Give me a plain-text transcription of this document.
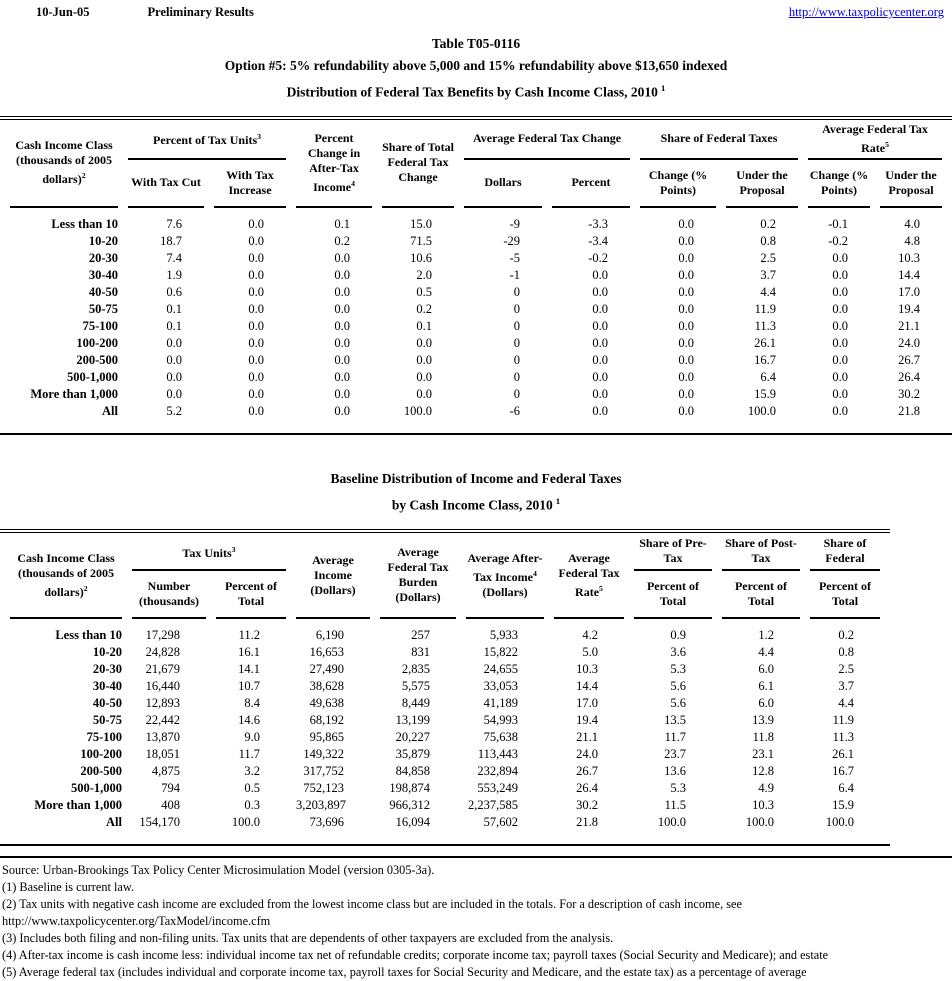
10-Jun-05	Preliminary Results	http://www.taxpolicycenter.org
Table T05-0116
Option #5: 5% refundability above 5,000 and 15% refundability above $13,650 indexed
Distribution of Federal Tax Benefits by Cash Income Class, 2010 $^1$
Cash Income Class (thousands of 2005 dollars)$^2$	Percent of Tax Units$^3$		Percent Change in After-Tax Income$^4$	Share of Total Federal Tax Change	Average Federal Tax Change		Share of Federal Taxes		Average Federal Tax Rate$^5$
	With Tax Cut	With Tax Increase			Dollars	Percent	Change (% Points)	Under the Proposal	Change (% Points)	Under the Proposal
Less than 10	7.6	0.0	0.1	15.0	-9	-3.3	0.0	0.2	-0.1	4.0
10-20	18.7	0.0	0.2	71.5	-29	-3.4	0.0	0.8	-0.2	4.8
20-30	7.4	0.0	0.0	10.6	-5	-0.2	0.0	2.5	0.0	10.3
30-40	1.9	0.0	0.0	2.0	-1	0.0	0.0	3.7	0.0	14.4
40-50	0.6	0.0	0.0	0.5	0	0.0	0.0	4.4	0.0	17.0
50-75	0.1	0.0	0.0	0.2	0	0.0	0.0	11.9	0.0	19.4
75-100	0.1	0.0	0.0	0.1	0	0.0	0.0	11.3	0.0	21.1
100-200	0.0	0.0	0.0	0.0	0	0.0	0.0	26.1	0.0	24.0
200-500	0.0	0.0	0.0	0.0	0	0.0	0.0	16.7	0.0	26.7
500-1,000	0.0	0.0	0.0	0.0	0	0.0	0.0	6.4	0.0	26.4
More than 1,000	0.0	0.0	0.0	0.0	0	0.0	0.0	15.9	0.0	30.2
All	5.2	0.0	0.0	100.0	-6	0.0	0.0	100.0	0.0	21.8
Baseline Distribution of Income and Federal Taxes
by Cash Income Class, 2010 $^1$
Cash Income Class (thousands of 2005 dollars)$^2$	Tax Units$^3$		Average Income (Dollars)	Average Federal Tax Burden (Dollars)	Average After-Tax Income$^4$ (Dollars)	Average Federal Tax Rate$^5$	Share of Pre-Tax	Share of Post-Tax	Share of Federal
	Number (thousands)	Percent of Total					Percent of Total	Percent of Total	Percent of Total
Less than 10	17,298	11.2	6,190	257	5,933	4.2	0.9	1.2	0.2
10-20	24,828	16.1	16,653	831	15,822	5.0	3.6	4.4	0.8
20-30	21,679	14.1	27,490	2,835	24,655	10.3	5.3	6.0	2.5
30-40	16,440	10.7	38,628	5,575	33,053	14.4	5.6	6.1	3.7
40-50	12,893	8.4	49,638	8,449	41,189	17.0	5.6	6.0	4.4
50-75	22,442	14.6	68,192	13,199	54,993	19.4	13.5	13.9	11.9
75-100	13,870	9.0	95,865	20,227	75,638	21.1	11.7	11.8	11.3
100-200	18,051	11.7	149,322	35,879	113,443	24.0	23.7	23.1	26.1
200-500	4,875	3.2	317,752	84,858	232,894	26.7	13.6	12.8	16.7
500-1,000	794	0.5	752,123	198,874	553,249	26.4	5.3	4.9	6.4
More than 1,000	408	0.3	3,203,897	966,312	2,237,585	30.2	11.5	10.3	15.9
All	154,170	100.0	73,696	16,094	57,602	21.8	100.0	100.0	100.0
Source: Urban-Brookings Tax Policy Center Microsimulation Model (version 0305-3a).
(1) Baseline is current law.
(2) Tax units with negative cash income are excluded from the lowest income class but are included in the totals. For a description of cash income, see
http://www.taxpolicycenter.org/TaxModel/income.cfm
(3) Includes both filing and non-filing units. Tax units that are dependents of other taxpayers are excluded from the analysis.
(4) After-tax income is cash income less: individual income tax net of refundable credits; corporate income tax; payroll taxes (Social Security and Medicare); and estate
(5) Average federal tax (includes individual and corporate income tax, payroll taxes for Social Security and Medicare, and the estate tax) as a percentage of average
